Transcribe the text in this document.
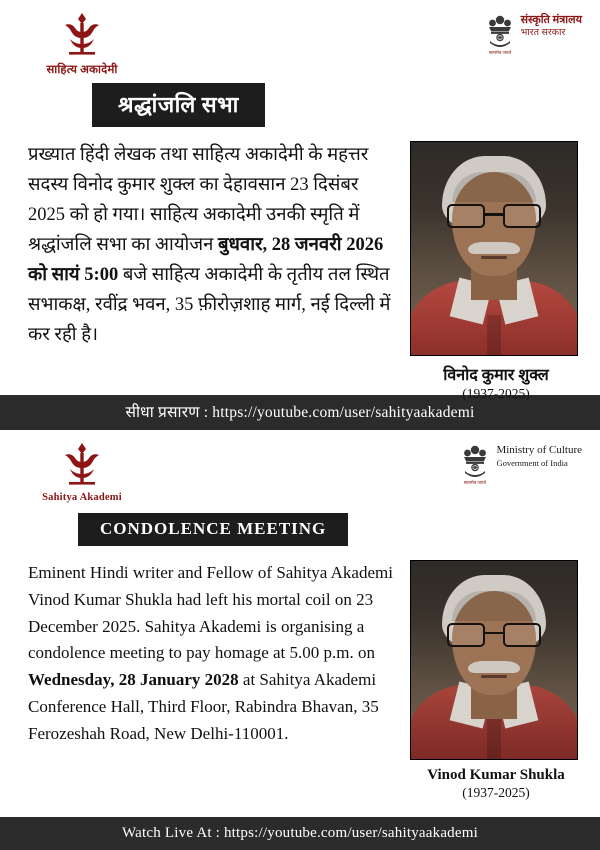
साहित्य अकादेमी
सत्यमेव जयते
संस्कृति मंत्रालय
भारत सरकार
श्रद्धांजलि सभा
प्रख्यात हिंदी लेखक तथा साहित्य अकादेमी के महत्तर सदस्य विनोद कुमार शुक्ल का देहावसान 23 दिसंबर 2025 को हो गया। साहित्य अकादेमी उनकी स्मृति में श्रद्धांजलि सभा का आयोजन बुधवार, 28 जनवरी 2026 को सायं 5:00 बजे साहित्य अकादेमी के तृतीय तल स्थित सभाकक्ष, रवींद्र भवन, 35 फ़ीरोज़शाह मार्ग, नई दिल्ली में कर रही है।
विनोद कुमार शुक्ल
(1937-2025)
सीधा प्रसारण : https://youtube.com/user/sahityaakademi
Sahitya Akademi
सत्यमेव जयते
Ministry of Culture
Government of India
CONDOLENCE MEETING
Eminent Hindi writer and Fellow of Sahitya Akademi Vinod Kumar Shukla had left his mortal coil on 23 December 2025. Sahitya Akademi is organising a condolence meeting to pay homage at 5.00 p.m. on Wednesday, 28 January 2028 at Sahitya Akademi Conference Hall, Third Floor, Rabindra Bhavan, 35 Ferozeshah Road, New Delhi-110001.
Vinod Kumar Shukla
(1937-2025)
Watch Live At : https://youtube.com/user/sahityaakademi
